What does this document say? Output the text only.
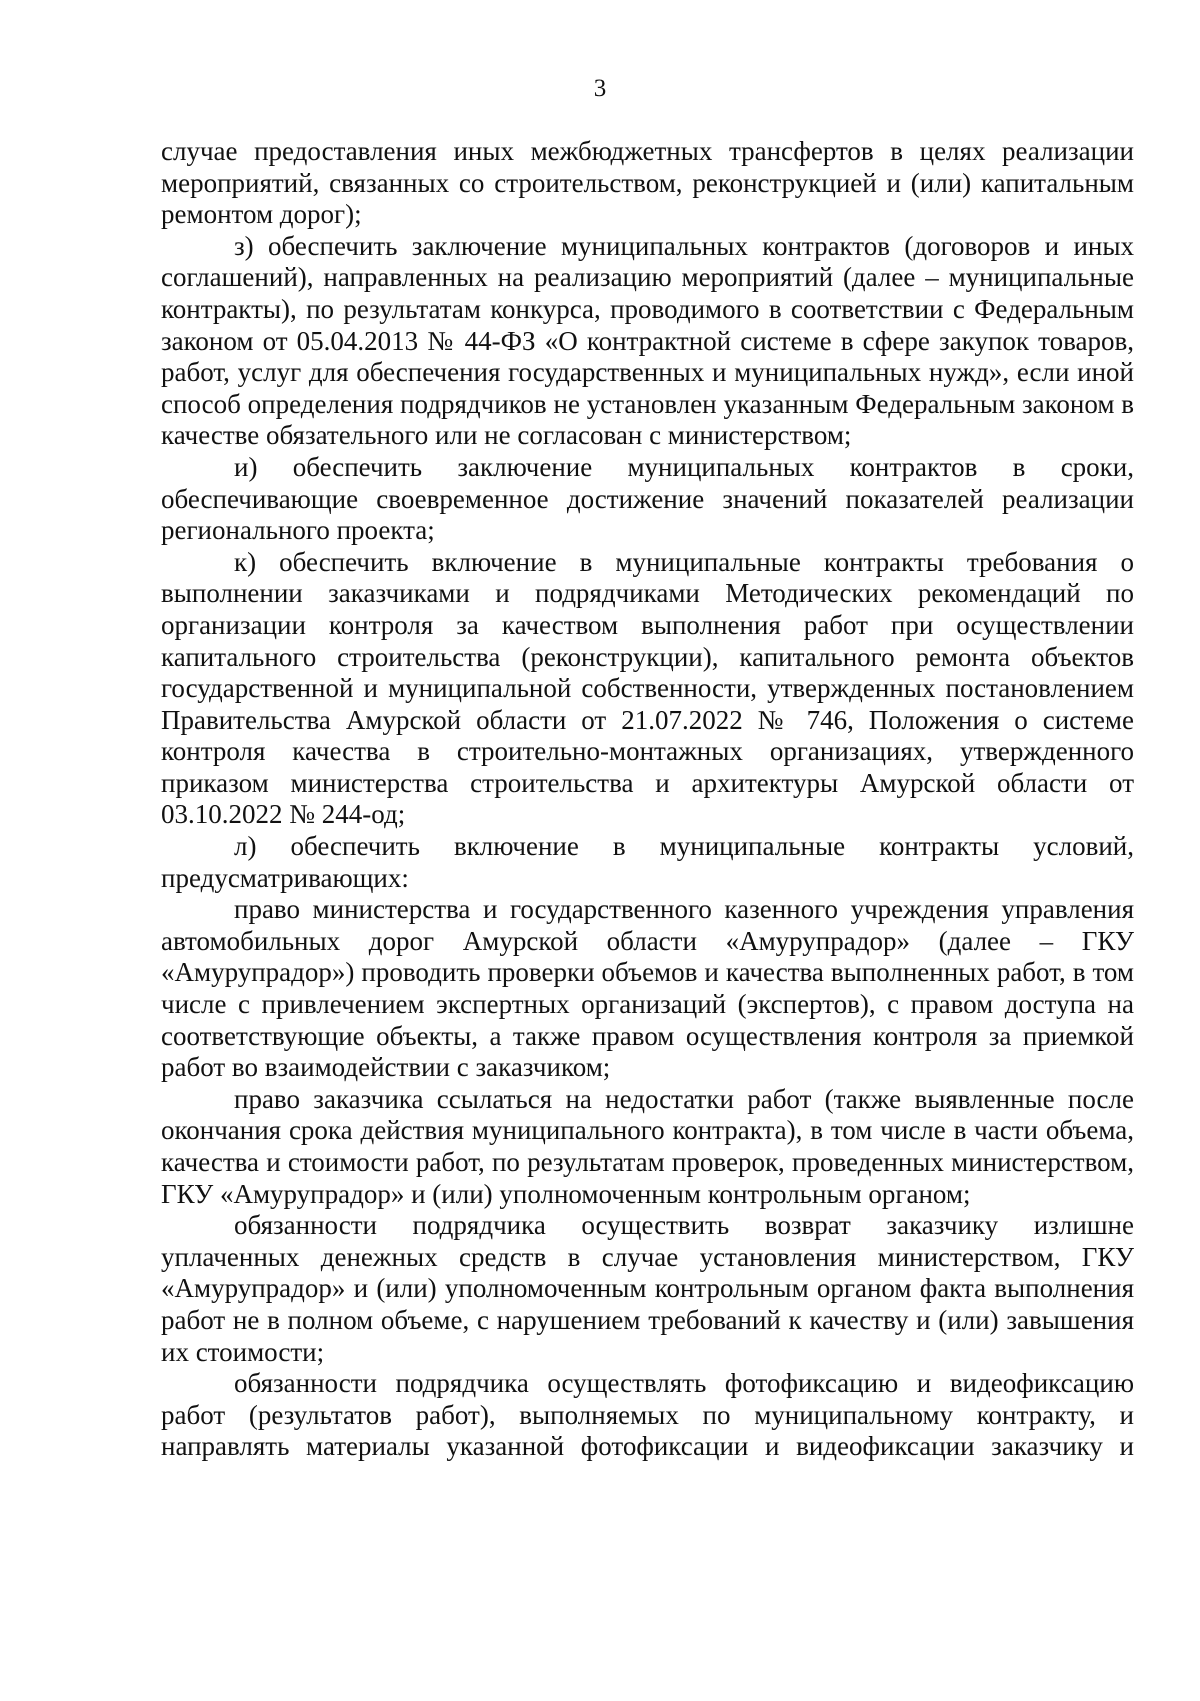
3

случае предоставления иных межбюджетных трансфертов в целях реализации мероприятий, связанных со строительством, реконструкцией и (или) капитальным ремонтом дорог);

з) обеспечить заключение муниципальных контрактов (договоров и иных соглашений), направленных на реализацию мероприятий (далее – муниципальные контракты), по результатам конкурса, проводимого в соответствии с Федеральным законом от 05.04.2013 № 44-ФЗ «О контрактной системе в сфере закупок товаров, работ, услуг для обеспечения государственных и муниципальных нужд», если иной способ определения подрядчиков не установлен указанным Федеральным законом в качестве обязательного или не согласован с министерством;

и) обеспечить заключение муниципальных контрактов в сроки, обеспечивающие своевременное достижение значений показателей реализации регионального проекта;

к) обеспечить включение в муниципальные контракты требования о выполнении заказчиками и подрядчиками Методических рекомендаций по организации контроля за качеством выполнения работ при осуществлении капитального строительства (реконструкции), капитального ремонта объектов государственной и муниципальной собственности, утвержденных постановлением Правительства Амурской области от 21.07.2022 № 746, Положения о системе контроля качества в строительно-монтажных организациях, утвержденного приказом министерства строительства и архитектуры Амурской области от 03.10.2022 № 244-од;

л) обеспечить включение в муниципальные контракты условий, предусматривающих:

право министерства и государственного казенного учреждения управления автомобильных дорог Амурской области «Амурупрадор» (далее – ГКУ «Амурупрадор») проводить проверки объемов и качества выполненных работ, в том числе с привлечением экспертных организаций (экспертов), с правом доступа на соответствующие объекты, а также правом осуществления контроля за приемкой работ во взаимодействии с заказчиком;

право заказчика ссылаться на недостатки работ (также выявленные после окончания срока действия муниципального контракта), в том числе в части объема, качества и стоимости работ, по результатам проверок, проведенных министерством, ГКУ «Амурупрадор» и (или) уполномоченным контрольным органом;

обязанности подрядчика осуществить возврат заказчику излишне уплаченных денежных средств в случае установления министерством, ГКУ «Амурупрадор» и (или) уполномоченным контрольным органом факта выполнения работ не в полном объеме, с нарушением требований к качеству и (или) завышения их стоимости;

обязанности подрядчика осуществлять фотофиксацию и видеофиксацию работ (результатов работ), выполняемых по муниципальному контракту, и направлять материалы указанной фотофиксации и видеофиксации заказчику и
